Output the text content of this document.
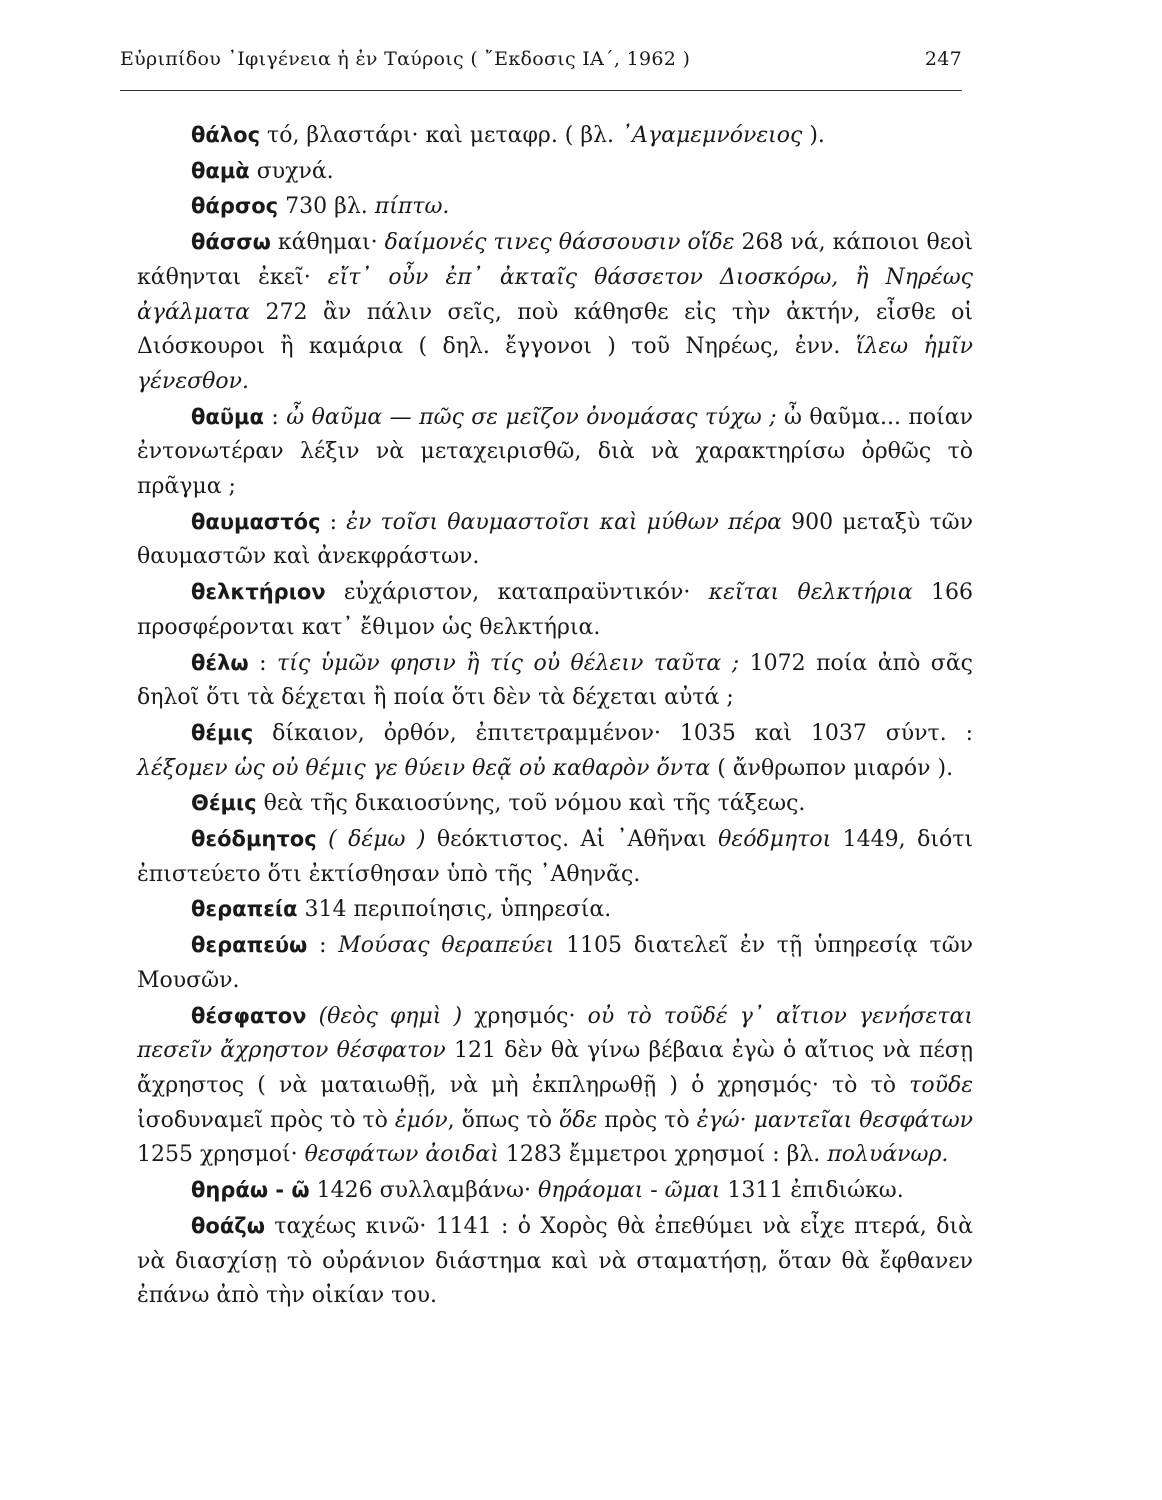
Εὐριπίδου ᾿Ιφιγένεια ἡ ἐν Ταύροις ( ῎Εκδοσις ΙΑ΄, 1962 )	247

θάλος τό, βλαστάρι· καὶ μεταφρ. ( βλ. ᾿Αγαμεμνόνειος ).

θαμὰ συχνά.

θάρσος 730 βλ. πίπτω.

θάσσω κάθημαι· δαίμονές τινες θάσσουσιν οἵδε 268 νά, κάποιοι θεοὶ κάθηνται ἐκεῖ· εἴτ᾿ οὖν ἐπ᾿ ἀκταῖς θάσσετον Διοσκόρω, ἢ Νηρέως ἀγάλματα 272 ἂν πάλιν σεῖς, ποὺ κάθησθε εἰς τὴν ἀκτήν, εἶσθε οἱ Διόσκουροι ἢ καμάρια ( δηλ. ἔγγονοι ) τοῦ Νηρέως, ἐνν. ἵλεω ἡμῖν γένεσθον.

θαῦμα : ὦ θαῦμα — πῶς σε μεῖζον ὀνομάσας τύχω ; ὦ θαῦμα... ποίαν ἐντονωτέραν λέξιν νὰ μεταχειρισθῶ, διὰ νὰ χαρακτηρίσω ὀρθῶς τὸ πρᾶγμα ;

θαυμαστός : ἐν τοῖσι θαυμαστοῖσι καὶ μύθων πέρα 900 μεταξὺ τῶν θαυμαστῶν καὶ ἀνεκφράστων.

θελκτήριον εὐχάριστον, καταπραϋντικόν· κεῖται θελκτήρια 166 προσφέρονται κατ᾿ ἔθιμον ὡς θελκτήρια.

θέλω : τίς ὑμῶν φησιν ἢ τίς οὐ θέλειν ταῦτα ; 1072 ποία ἀπὸ σᾶς δηλοῖ ὅτι τὰ δέχεται ἢ ποία ὅτι δὲν τὰ δέχεται αὐτά ;

θέμις δίκαιον, ὀρθόν, ἐπιτετραμμένον· 1035 καὶ 1037 σύντ. : λέξομεν ὡς οὐ θέμις γε θύειν θεᾷ οὐ καθαρὸν ὄντα ( ἄνθρωπον μιαρόν ).

Θέμις θεὰ τῆς δικαιοσύνης, τοῦ νόμου καὶ τῆς τάξεως.

θεόδμητος ( δέμω ) θεόκτιστος. Αἱ ᾿Αθῆναι θεόδμητοι 1449, διότι ἐπιστεύετο ὅτι ἐκτίσθησαν ὑπὸ τῆς ᾿Αθηνᾶς.

θεραπεία 314 περιποίησις, ὑπηρεσία.

θεραπεύω : Μούσας θεραπεύει 1105 διατελεῖ ἐν τῇ ὑπηρεσίᾳ τῶν Μουσῶν.

θέσφατον (θεὸς φημὶ ) χρησμός· οὐ τὸ τοῦδέ γ᾿ αἴτιον γενήσεται πεσεῖν ἄχρηστον θέσφατον 121 δὲν θὰ γίνω βέβαια ἐγὼ ὁ αἴτιος νὰ πέσῃ ἄχρηστος ( νὰ ματαιωθῇ, νὰ μὴ ἐκπληρωθῇ ) ὁ χρησμός· τὸ τὸ τοῦδε ἰσοδυναμεῖ πρὸς τὸ τὸ ἐμόν, ὅπως τὸ ὅδε πρὸς τὸ ἐγώ· μαντεῖαι θεσφάτων 1255 χρησμοί· θεσφάτων ἀοιδαὶ 1283 ἔμμετροι χρησμοί : βλ. πολυάνωρ.

θηράω - ῶ 1426 συλλαμβάνω· θηράομαι - ῶμαι 1311 ἐπιδιώκω.

θοάζω ταχέως κινῶ· 1141 : ὁ Χορὸς θὰ ἐπεθύμει νὰ εἶχε πτερά, διὰ νὰ διασχίσῃ τὸ οὐράνιον διάστημα καὶ νὰ σταματήσῃ, ὅταν θὰ ἔφθανεν ἐπάνω ἀπὸ τὴν οἰκίαν του.
